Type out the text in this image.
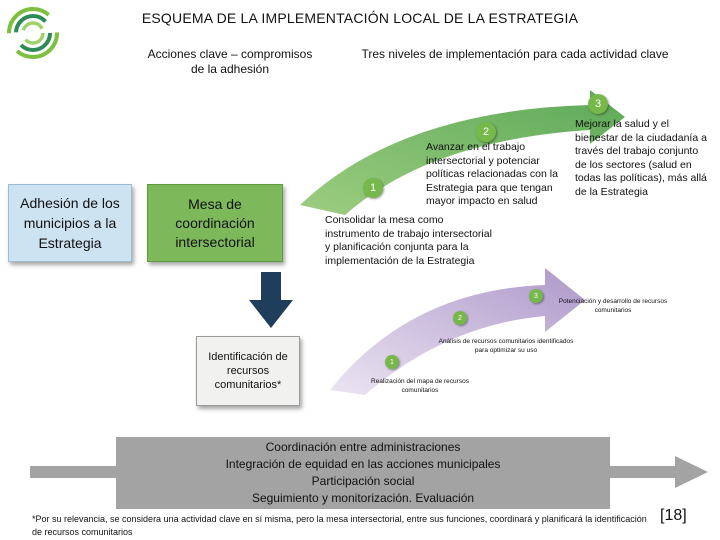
ESQUEMA DE LA IMPLEMENTACIÓN LOCAL DE LA ESTRATEGIA
Acciones clave – compromisos de la adhesión
Tres niveles de implementación para cada actividad clave
Adhesión de los municipios a la Estrategia
Mesa de coordinación intersectorial
Identificación de recursos comunitarios*
1
2
3
Consolidar la mesa como instrumento de trabajo intersectorial y planificación conjunta para la implementación de la Estrategia
Avanzar en el trabajo intersectorial y potenciar políticas relacionadas con la Estrategia para que tengan mayor impacto en salud
Mejorar la salud y el bienestar de la ciudadanía a través del trabajo conjunto de los sectores (salud en todas las políticas), más allá de la Estrategia
1
2
3
Realización del mapa de recursos comunitarios
Análisis de recursos comunitarios identificados para optimizar su uso
Potenciación y desarrollo de recursos comunitarios
Coordinación entre administraciones
Integración de equidad en las acciones municipales
Participación social
Seguimiento y monitorización. Evaluación
*Por su relevancia, se considera una actividad clave en sí misma, pero la mesa intersectorial, entre sus funciones, coordinará y planificará la identificación de recursos comunitarios
[18]
